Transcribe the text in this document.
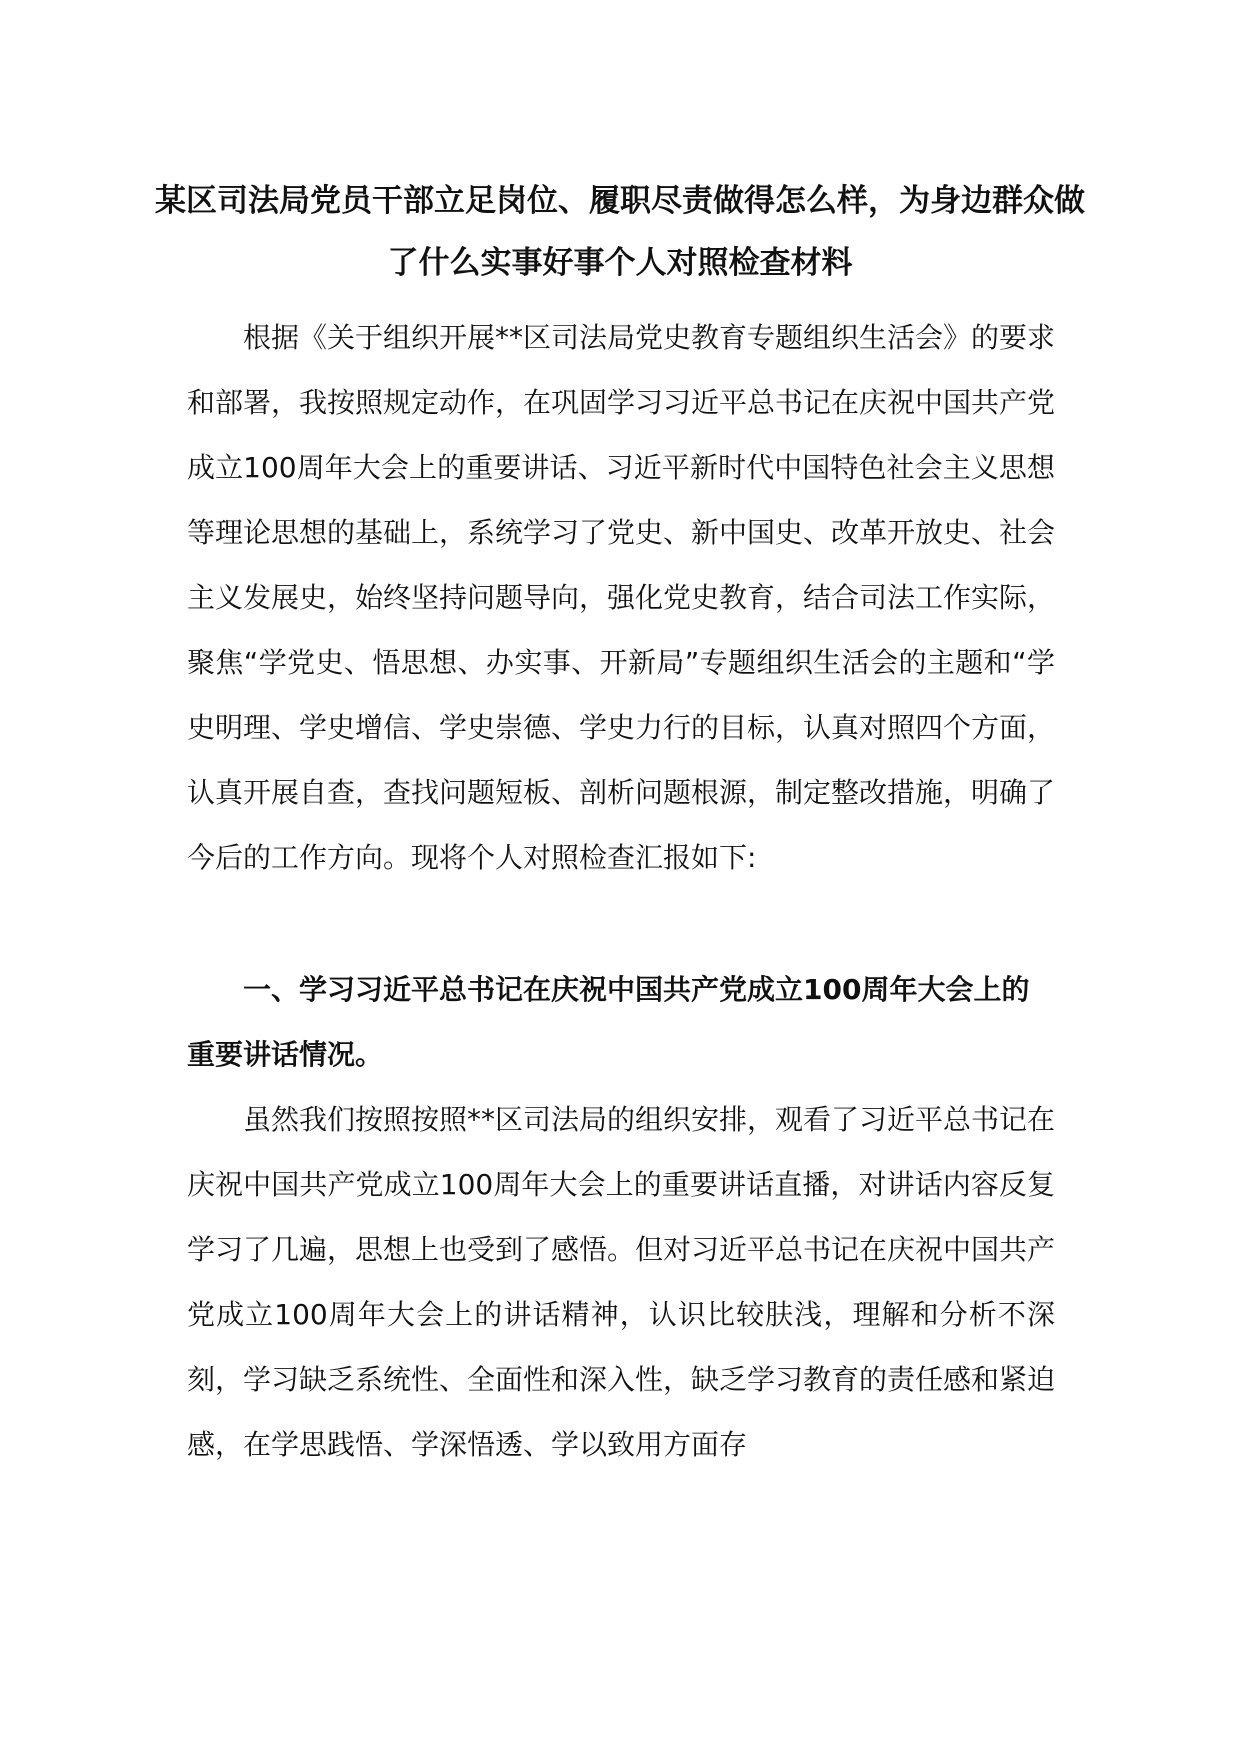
某区司法局党员干部立足岗位、履职尽责做得怎么样，为身边群众做了什么实事好事个人对照检查材料

根据《关于组织开展**区司法局党史教育专题组织生活会》的要求和部署，我按照规定动作，在巩固学习习近平总书记在庆祝中国共产党成立100周年大会上的重要讲话、习近平新时代中国特色社会主义思想等理论思想的基础上，系统学习了党史、新中国史、改革开放史、社会主义发展史，始终坚持问题导向，强化党史教育，结合司法工作实际，聚焦“学党史、悟思想、办实事、开新局”专题组织生活会的主题和“学史明理、学史增信、学史崇德、学史力行的目标，认真对照四个方面，认真开展自查，查找问题短板、剖析问题根源，制定整改措施，明确了今后的工作方向。现将个人对照检查汇报如下:

一、学习习近平总书记在庆祝中国共产党成立100周年大会上的重要讲话情况。

虽然我们按照按照**区司法局的组织安排，观看了习近平总书记在庆祝中国共产党成立100周年大会上的重要讲话直播，对讲话内容反复学习了几遍，思想上也受到了感悟。但对习近平总书记在庆祝中国共产党成立100周年大会上的讲话精神，认识比较肤浅，理解和分析不深刻，学习缺乏系统性、全面性和深入性，缺乏学习教育的责任感和紧迫感，在学思践悟、学深悟透、学以致用方面存
